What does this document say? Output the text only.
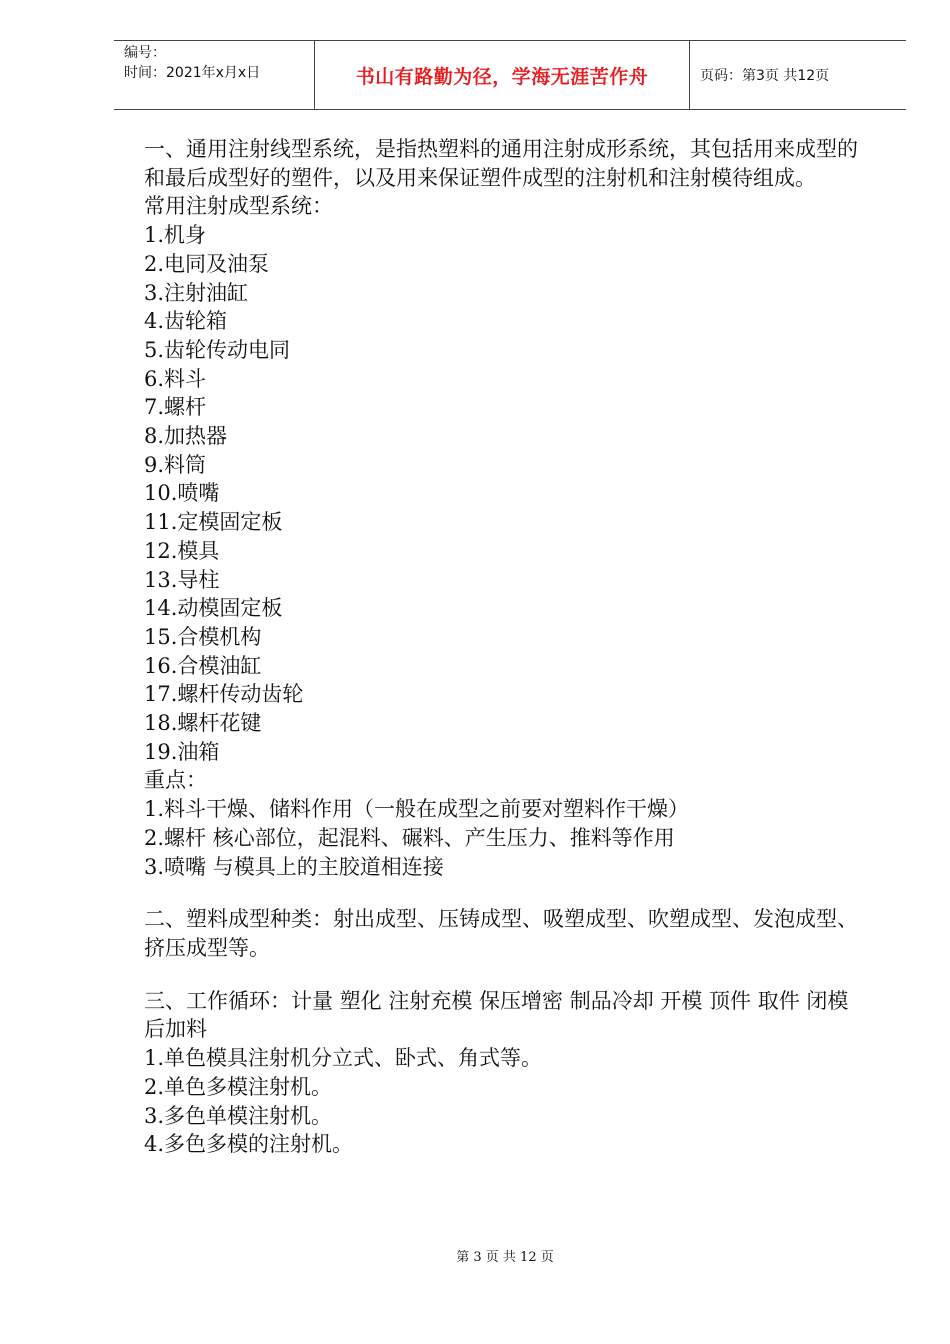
编号：
时间：2021年x月x日	书山有路勤为径，学海无涯苦作舟	页码：第3页 共12页

一、通用注射线型系统，是指热塑料的通用注射成形系统，其包括用来成型的和最后成型好的塑件，以及用来保证塑件成型的注射机和注射模待组成。

常用注射成型系统：

1.机身

2.电同及油泵

3.注射油缸

4.齿轮箱

5.齿轮传动电同

6.料斗

7.螺杆

8.加热器

9.料筒

10.喷嘴

11.定模固定板

12.模具

13.导柱

14.动模固定板

15.合模机构

16.合模油缸

17.螺杆传动齿轮

18.螺杆花键

19.油箱

重点：

1.料斗干燥、储料作用（一般在成型之前要对塑料作干燥）

2.螺杆 核心部位，起混料、碾料、产生压力、推料等作用

3.喷嘴 与模具上的主胶道相连接

二、塑料成型种类：射出成型、压铸成型、吸塑成型、吹塑成型、发泡成型、挤压成型等。

三、工作循环：计量 塑化 注射充模 保压增密 制品冷却 开模 顶件 取件 闭模 后加料

1.单色模具注射机分立式、卧式、角式等。

2.单色多模注射机。

3.多色单模注射机。

4.多色多模的注射机。

第 3 页 共 12 页
